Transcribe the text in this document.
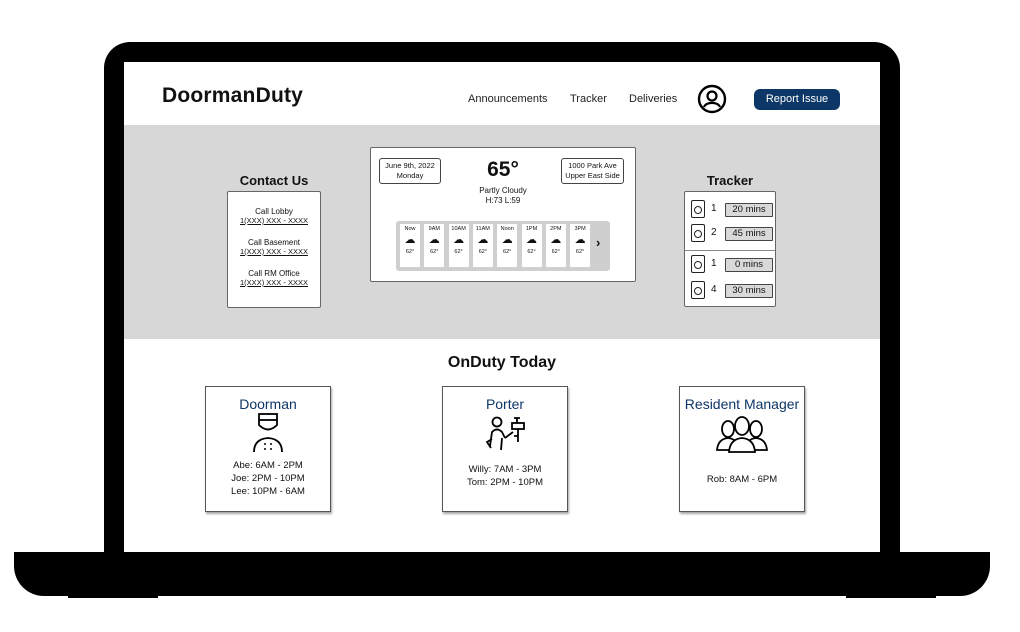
DoormanDuty	Announcements Tracker Deliveries	Report Issue
Contact Us
Call Lobby
1(XXX) XXX - XXXX
Call Basement
1(XXX) XXX - XXXX
Call RM Office
1(XXX) XXX - XXXX
June 9th, 2022
Monday	65°
Partly Cloudy
H:73 L:59
1000 Park Ave
Upper East Side
›
Now
☁
62°
9AM
☁
62°
10AM
☁
62°
11AM
☁
62°
Noon
☁
62°
1PM
☁
62°
2PM
☁
62°
3PM
☁
62°
Tracker
1	20 mins
2	45 mins
1	0 mins
4	30 mins
OnDuty Today
Doorman
Abe: 6AM - 2PM
Joe: 2PM - 10PM
Lee: 10PM - 6AM
Porter
Willy: 7AM - 3PM
Tom: 2PM - 10PM
Resident Manager
Rob: 8AM - 6PM
